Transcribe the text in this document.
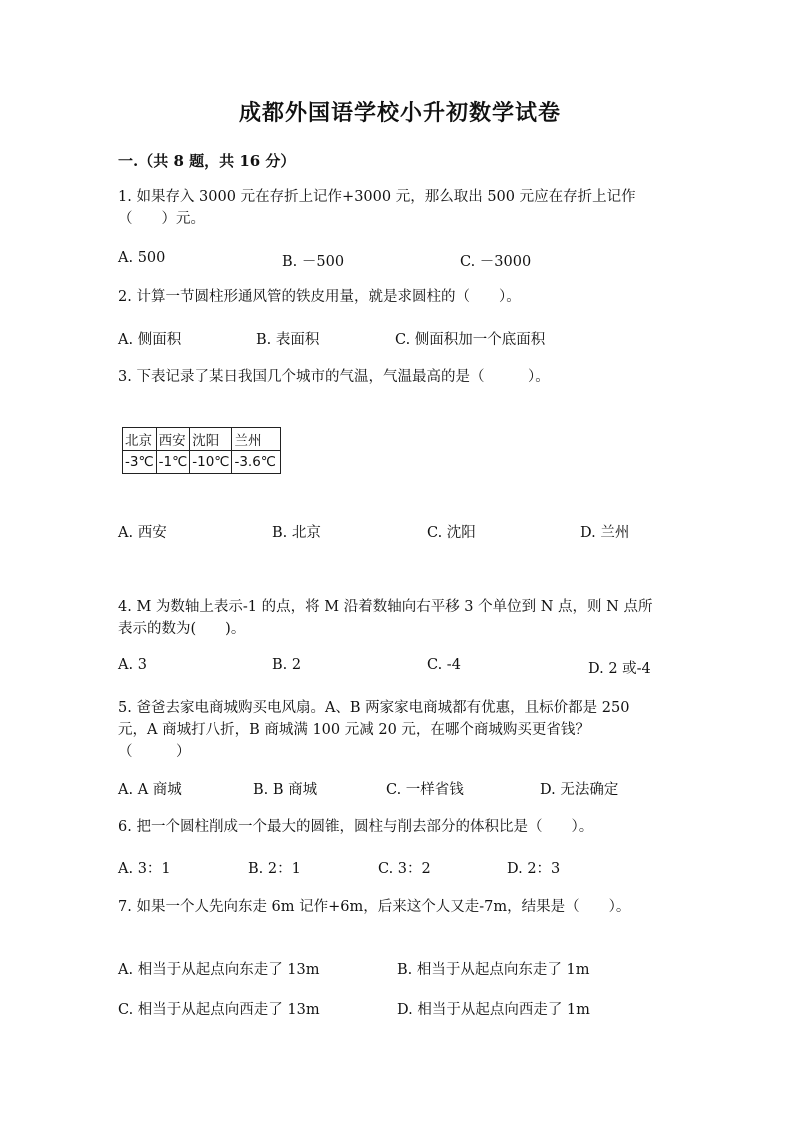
成都外国语学校小升初数学试卷
一.（共 8 题，共 16 分）
1. 如果存入 3000 元在存折上记作+3000 元，那么取出 500 元应在存折上记作
（　　）元。
A. 500	B. －500	C. －3000
2. 计算一节圆柱形通风管的铁皮用量，就是求圆柱的（　　）。
A. 侧面积	B. 表面积	C. 侧面积加一个底面积
3. 下表记录了某日我国几个城市的气温，气温最高的是（　　　）。
北京	西安	沈阳	兰州
-3℃	-1℃	-10℃	-3.6℃
A. 西安	B. 北京	C. 沈阳	D. 兰州
4. M 为数轴上表示-1 的点，将 M 沿着数轴向右平移 3 个单位到 N 点，则 N 点所
表示的数为(　　)。
A. 3	B. 2	C. -4	D. 2 或-4
5. 爸爸去家电商城购买电风扇。A、B 两家家电商城都有优惠，且标价都是 250
元，A 商城打八折，B 商城满 100 元减 20 元，在哪个商城购买更省钱？
（　　　）
A. A 商城	B. B 商城	C. 一样省钱	D. 无法确定
6. 把一个圆柱削成一个最大的圆锥，圆柱与削去部分的体积比是（　　）。
A. 3：1	B. 2：1	C. 3：2	D. 2：3
7. 如果一个人先向东走 6m 记作+6m，后来这个人又走-7m，结果是（　　）。
A. 相当于从起点向东走了 13m	B. 相当于从起点向东走了 1m
C. 相当于从起点向西走了 13m	D. 相当于从起点向西走了 1m
